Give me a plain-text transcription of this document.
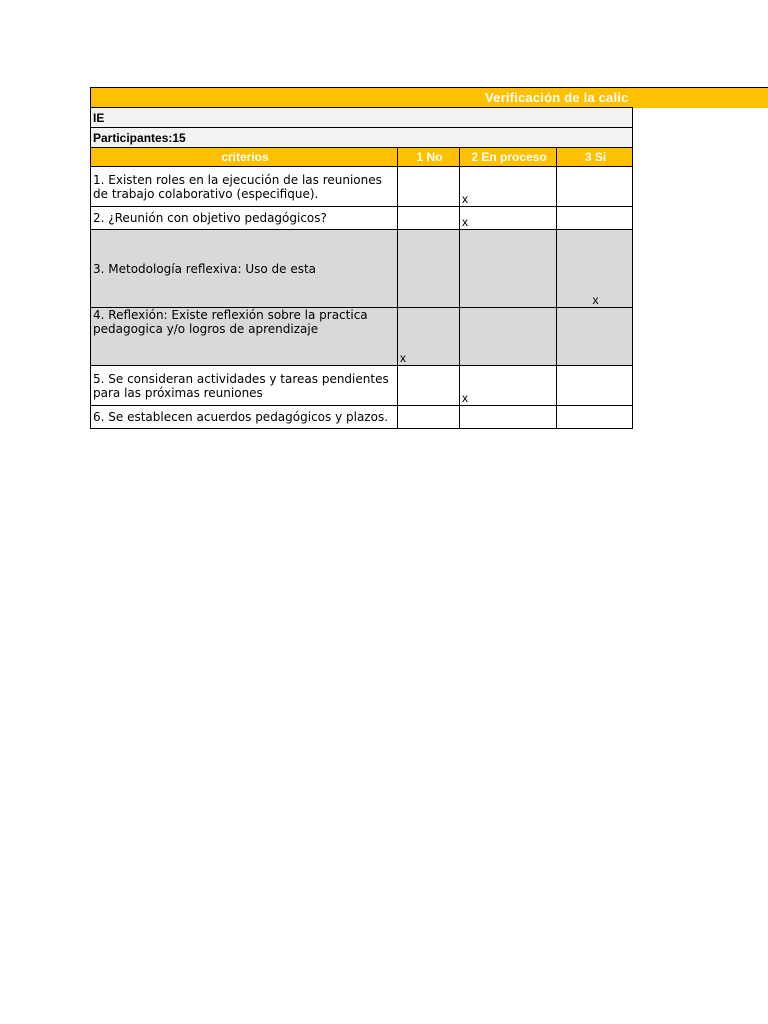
Verificación de la calic
IE			
Participantes:15			
criterios	1 No	2 En proceso	3 Si
1. Existen roles en la ejecución de las reuniones de trabajo colaborativo (especifique).		x	
2. ¿Reunión con objetivo pedagógicos?		x	
3. Metodología reflexiva: Uso de esta			x
4. Reflexión: Existe reflexión sobre la practica pedagogica y/o logros de aprendizaje	x		
5. Se consideran actividades y tareas pendientes para las próximas reuniones		x	
6. Se establecen acuerdos pedagógicos y plazos.			
